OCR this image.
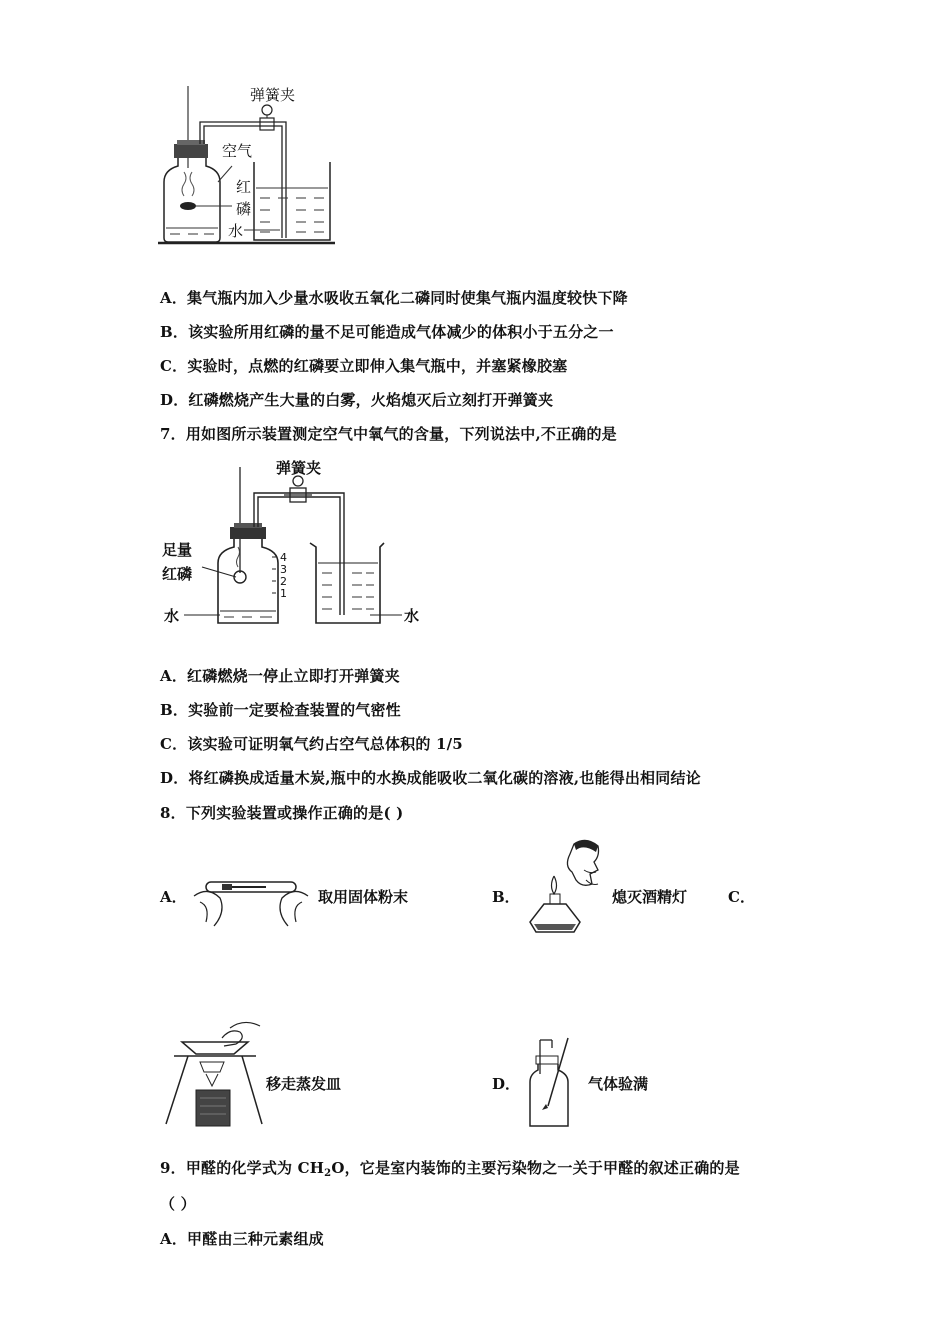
弹簧夹
空气
红磷
水
A．集气瓶内加入少量水吸收五氧化二磷同时使集气瓶内温度较快下降
B．该实验所用红磷的量不足可能造成气体减少的体积小于五分之一
C．实验时，点燃的红磷要立即伸入集气瓶中，并塞紧橡胶塞
D．红磷燃烧产生大量的白雾，火焰熄灭后立刻打开弹簧夹
7．用如图所示装置测定空气中氧气的含量，下列说法中,不正确的是
4
3
2
1
弹簧夹
足量
红磷
水	水
A．红磷燃烧一停止立即打开弹簧夹
B．实验前一定要检查装置的气密性
C．该实验可证明氧气约占空气总体积的 1/5
D．将红磷换成适量木炭,瓶中的水换成能吸收二氧化碳的溶液,也能得出相同结论
8．下列实验装置或操作正确的是( )
A．	取用固体粉末	B．	熄灭酒精灯	C．
移走蒸发皿	D．	气体验满
9．甲醛的化学式为 $CH_2O$，它是室内装饰的主要污染物之一关于甲醛的叙述正确的是
（ ）
A．甲醛由三种元素组成
